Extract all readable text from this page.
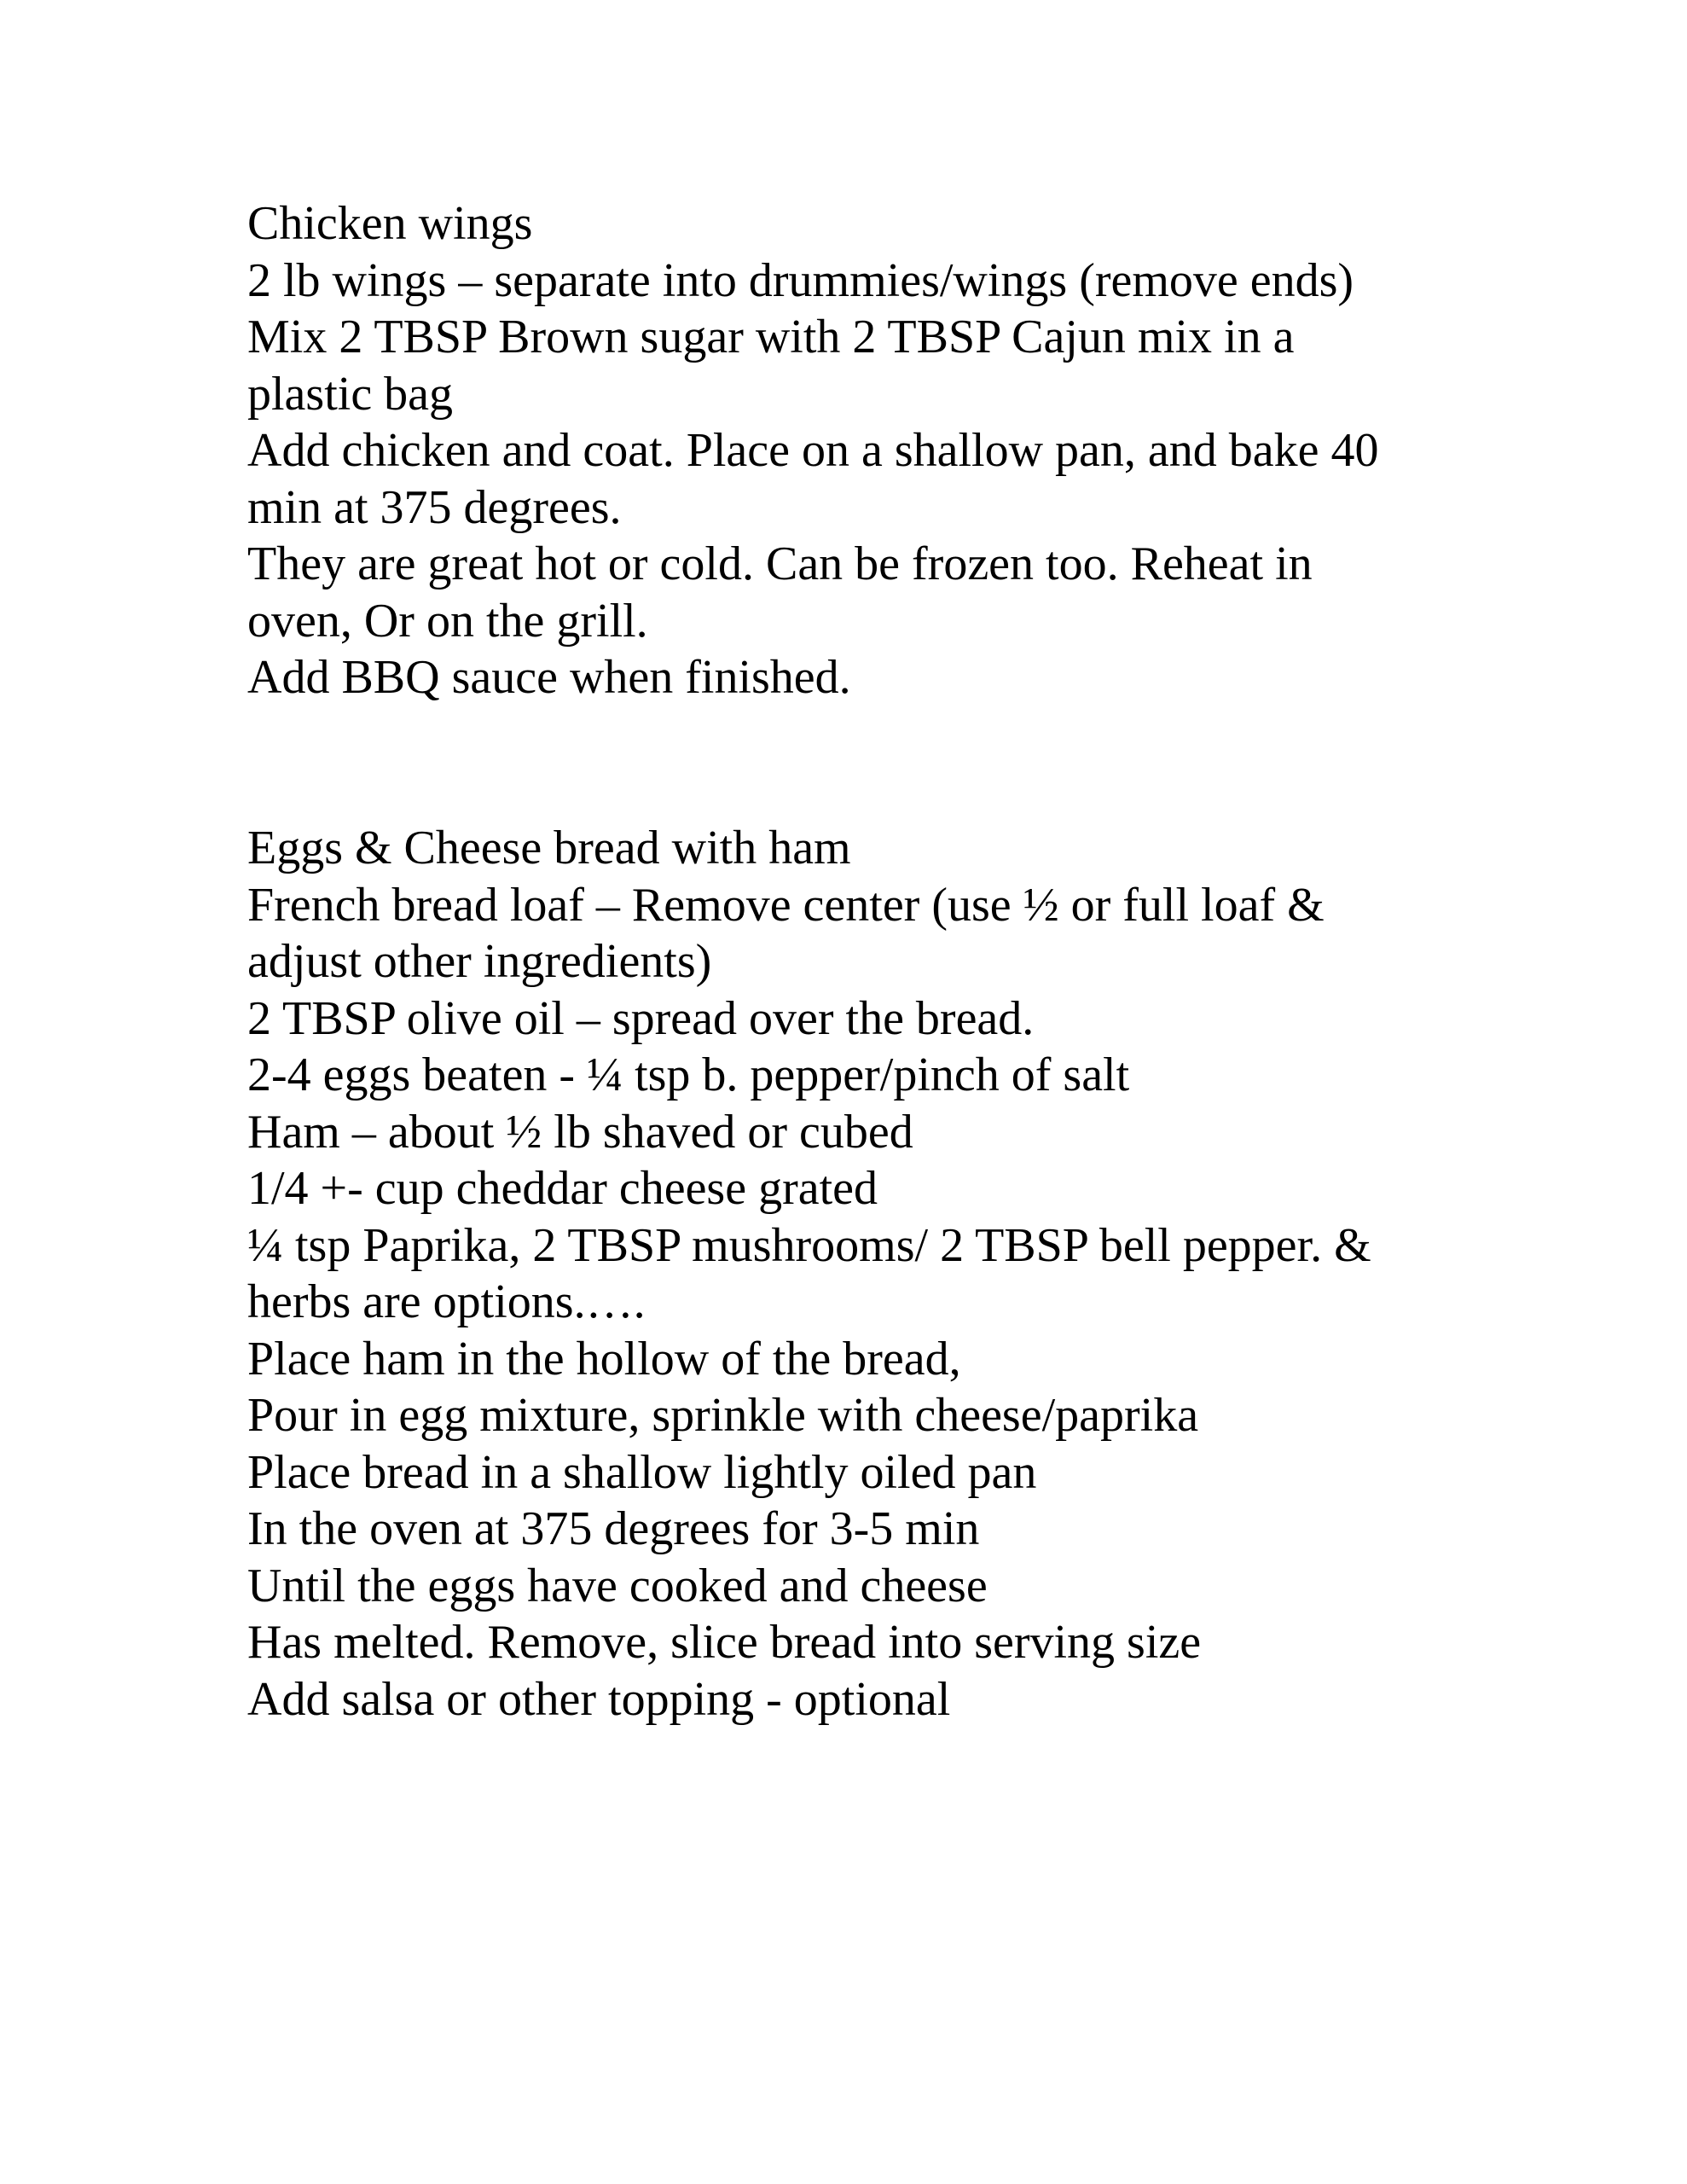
Chicken wings
2 lb wings – separate into drummies/wings (remove ends)
Mix 2 TBSP Brown sugar with 2 TBSP Cajun mix in a
plastic bag
Add chicken and coat. Place on a shallow pan, and bake 40
min at 375 degrees.
They are great hot or cold. Can be frozen too. Reheat in
oven, Or on the grill.
Add BBQ sauce when finished.
Eggs & Cheese bread with ham
French bread loaf – Remove center (use ½ or full loaf &
adjust other ingredients)
2 TBSP olive oil – spread over the bread.
2-4 eggs beaten - ¼ tsp b. pepper/pinch of salt
Ham – about ½ lb shaved or cubed
1/4 +- cup cheddar cheese grated
¼ tsp Paprika, 2 TBSP mushrooms/ 2 TBSP bell pepper. &
herbs are options.….
Place ham in the hollow of the bread,
Pour in egg mixture, sprinkle with cheese/paprika
Place bread in a shallow lightly oiled pan
In the oven at 375 degrees for 3-5 min
Until the eggs have cooked and cheese
Has melted. Remove, slice bread into serving size
Add salsa or other topping - optional
